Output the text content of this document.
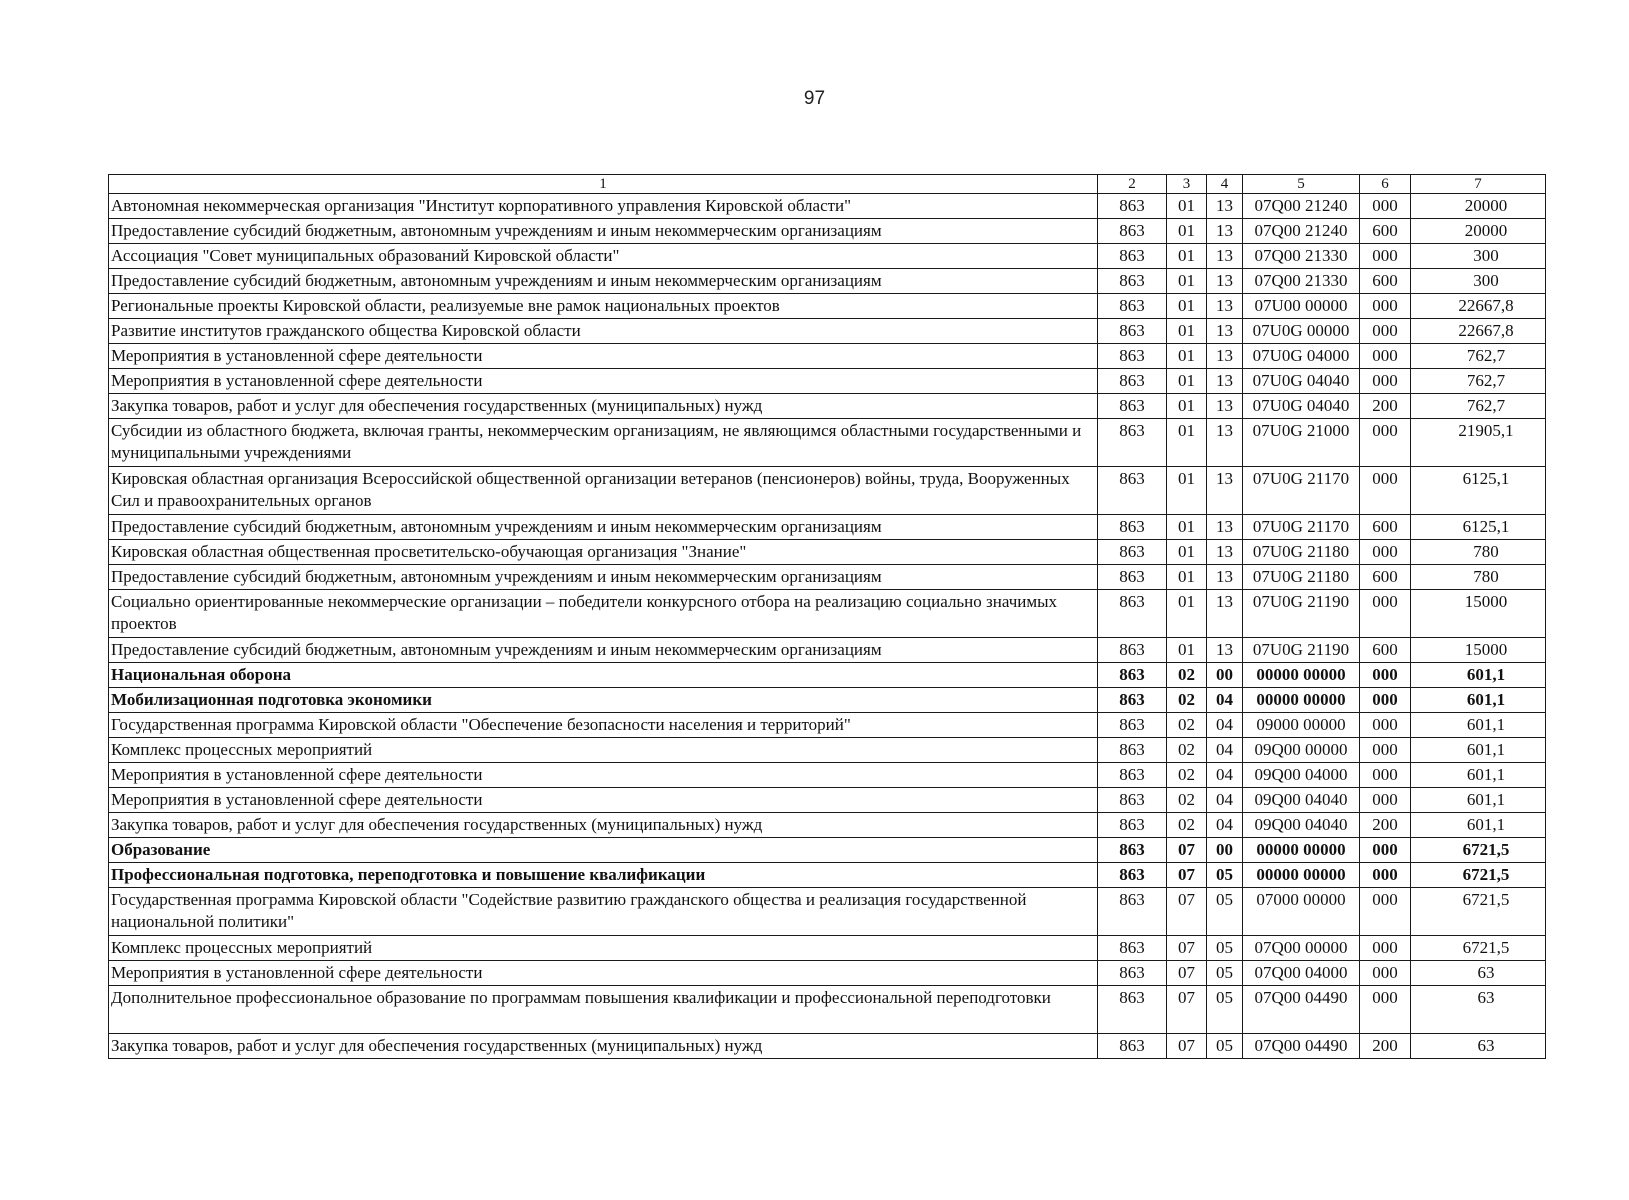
97
1	2	3	4	5	6	7
Автономная некоммерческая организация "Институт корпоративного управления Кировской области"	863	01	13	07Q00 21240	000	20000
Предоставление субсидий бюджетным, автономным учреждениям и иным некоммерческим организациям	863	01	13	07Q00 21240	600	20000
Ассоциация "Совет муниципальных образований Кировской области"	863	01	13	07Q00 21330	000	300
Предоставление субсидий бюджетным, автономным учреждениям и иным некоммерческим организациям	863	01	13	07Q00 21330	600	300
Региональные проекты Кировской области, реализуемые вне рамок национальных проектов	863	01	13	07U00 00000	000	22667,8
Развитие институтов гражданского общества Кировской области	863	01	13	07U0G 00000	000	22667,8
Мероприятия в установленной сфере деятельности	863	01	13	07U0G 04000	000	762,7
Мероприятия в установленной сфере деятельности	863	01	13	07U0G 04040	000	762,7
Закупка товаров, работ и услуг для обеспечения государственных (муниципальных) нужд	863	01	13	07U0G 04040	200	762,7
Субсидии из областного бюджета, включая гранты, некоммерческим организациям, не являющимся областными государственными и муниципальными учреждениями	863	01	13	07U0G 21000	000	21905,1
Кировская областная организация Всероссийской общественной организации ветеранов (пенсионеров) войны, труда, Вооруженных Сил и правоохранительных органов	863	01	13	07U0G 21170	000	6125,1
Предоставление субсидий бюджетным, автономным учреждениям и иным некоммерческим организациям	863	01	13	07U0G 21170	600	6125,1
Кировская областная общественная просветительско-обучающая организация "Знание"	863	01	13	07U0G 21180	000	780
Предоставление субсидий бюджетным, автономным учреждениям и иным некоммерческим организациям	863	01	13	07U0G 21180	600	780
Социально ориентированные некоммерческие организации – победители конкурсного отбора на реализацию социально значимых проектов	863	01	13	07U0G 21190	000	15000
Предоставление субсидий бюджетным, автономным учреждениям и иным некоммерческим организациям	863	01	13	07U0G 21190	600	15000
Национальная оборона	863	02	00	00000 00000	000	601,1
Мобилизационная подготовка экономики	863	02	04	00000 00000	000	601,1
Государственная программа Кировской области "Обеспечение безопасности населения и территорий"	863	02	04	09000 00000	000	601,1
Комплекс процессных мероприятий	863	02	04	09Q00 00000	000	601,1
Мероприятия в установленной сфере деятельности	863	02	04	09Q00 04000	000	601,1
Мероприятия в установленной сфере деятельности	863	02	04	09Q00 04040	000	601,1
Закупка товаров, работ и услуг для обеспечения государственных (муниципальных) нужд	863	02	04	09Q00 04040	200	601,1
Образование	863	07	00	00000 00000	000	6721,5
Профессиональная подготовка, переподготовка и повышение квалификации	863	07	05	00000 00000	000	6721,5
Государственная программа Кировской области "Содействие развитию гражданского общества и реализация государственной национальной политики"	863	07	05	07000 00000	000	6721,5
Комплекс процессных мероприятий	863	07	05	07Q00 00000	000	6721,5
Мероприятия в установленной сфере деятельности	863	07	05	07Q00 04000	000	63
Дополнительное профессиональное образование по программам повышения квалификации и профессиональной переподготовки	863	07	05	07Q00 04490	000	63
Закупка товаров, работ и услуг для обеспечения государственных (муниципальных) нужд	863	07	05	07Q00 04490	200	63
